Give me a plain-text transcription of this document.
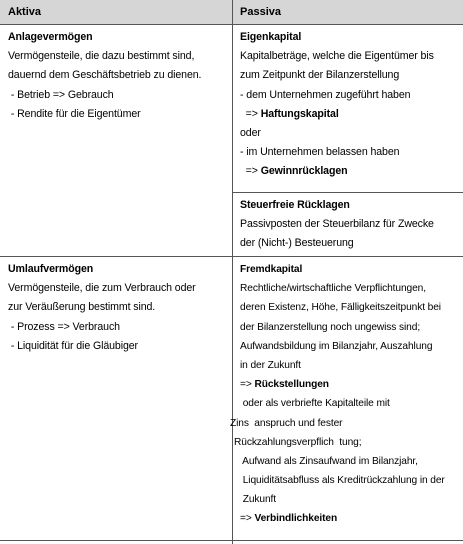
Aktiva	Passiva
Anlagevermögen
Vermögensteile, die dazu bestimmt sind,
dauernd dem Geschäftsbetrieb zu dienen.
- Betrieb => Gebrauch
- Rendite für die Eigentümer
Eigenkapital
Kapitalbeträge, welche die Eigentümer bis
zum Zeitpunkt der Bilanzerstellung
- dem Unternehmen zugeführt haben
=> Haftungskapital
oder
- im Unternehmen belassen haben
=> Gewinnrücklagen
Steuerfreie Rücklagen
Passivposten der Steuerbilanz für Zwecke
der (Nicht-) Besteuerung
Umlaufvermögen
Vermögensteile, die zum Verbrauch oder
zur Veräußerung bestimmt sind.
- Prozess => Verbrauch
- Liquidität für die Gläubiger
Fremdkapital
Rechtliche/wirtschaftliche Verpflichtungen,
deren Existenz, Höhe, Fälligkeitszeitpunkt bei
der Bilanzerstellung noch ungewiss sind;
Aufwandsbildung im Bilanzjahr, Auszahlung
in der Zukunft
=> Rückstellungen
oder als verbriefte Kapitalteile mit
Zins  anspruch und fester
Rückzahlungsverpflich  tung;
Aufwand als Zinsaufwand im Bilanzjahr,
Liquiditätsabfluss als Kreditrückzahlung in der
Zukunft
=> Verbindlichkeiten
